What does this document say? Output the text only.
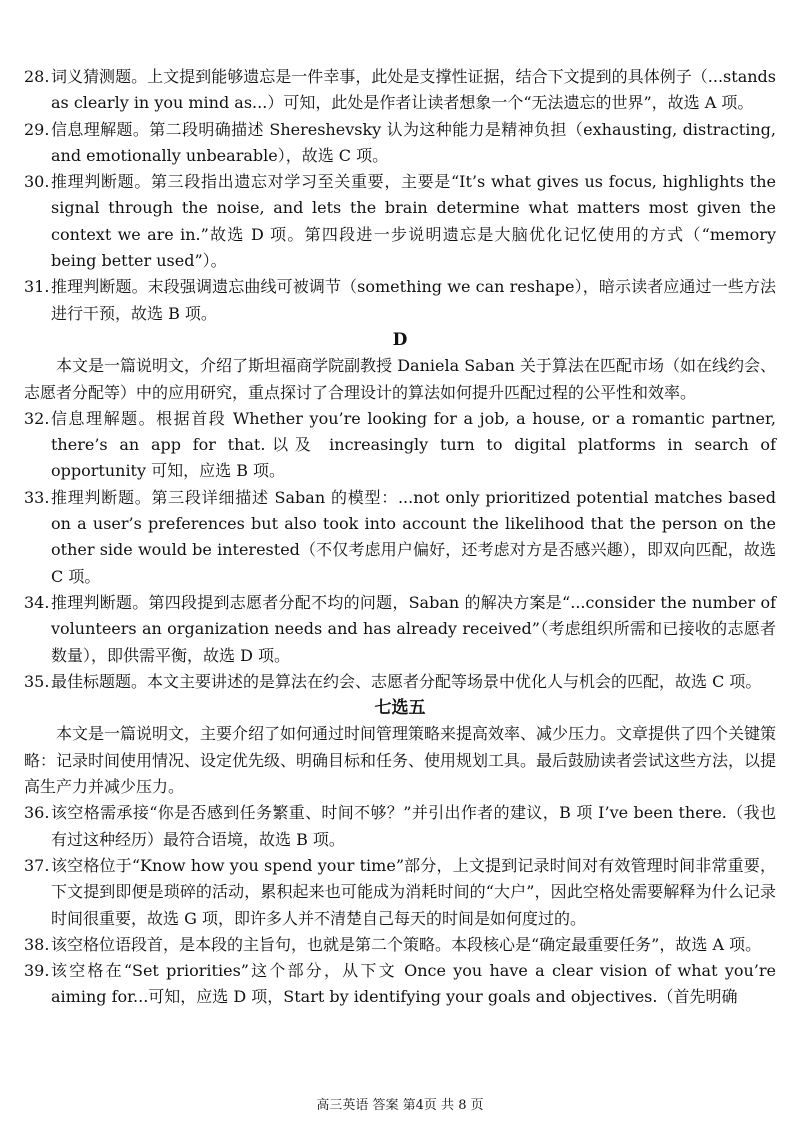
28. 词义猜测题。上文提到能够遗忘是一件幸事，此处是支撑性证据，结合下文提到的具体例子（...stands as clearly in you mind as...）可知，此处是作者让读者想象一个“无法遗忘的世界”，故选 A 项。
29. 信息理解题。第二段明确描述 Shereshevsky 认为这种能力是精神负担（exhausting, distracting, and emotionally unbearable），故选 C 项。
30. 推理判断题。第三段指出遗忘对学习至关重要，主要是“It’s what gives us focus, highlights the signal through the noise, and lets the brain determine what matters most given the context we are in.”故选 D 项。第四段进一步说明遗忘是大脑优化记忆使用的方式（“memory being better used”）。
31. 推理判断题。末段强调遗忘曲线可被调节（something we can reshape），暗示读者应通过一些方法进行干预，故选 B 项。
D
本文是一篇说明文，介绍了斯坦福商学院副教授 Daniela Saban 关于算法在匹配市场（如在线约会、志愿者分配等）中的应用研究，重点探讨了合理设计的算法如何提升匹配过程的公平性和效率。
32. 信息理解题。根据首段 Whether you’re looking for a job, a house, or a romantic partner, there’s an app for that.以及 increasingly turn to digital platforms in search of opportunity 可知，应选 B 项。
33. 推理判断题。第三段详细描述 Saban 的模型：...not only prioritized potential matches based on a user’s preferences but also took into account the likelihood that the person on the other side would be interested（不仅考虑用户偏好，还考虑对方是否感兴趣），即双向匹配，故选 C 项。
34. 推理判断题。第四段提到志愿者分配不均的问题，Saban 的解决方案是“...consider the number of volunteers an organization needs and has already received”（考虑组织所需和已接收的志愿者数量），即供需平衡，故选 D 项。
35. 最佳标题题。本文主要讲述的是算法在约会、志愿者分配等场景中优化人与机会的匹配，故选 C 项。
七选五
本文是一篇说明文，主要介绍了如何通过时间管理策略来提高效率、减少压力。文章提供了四个关键策略：记录时间使用情况、设定优先级、明确目标和任务、使用规划工具。最后鼓励读者尝试这些方法，以提高生产力并减少压力。
36. 该空格需承接“你是否感到任务繁重、时间不够？”并引出作者的建议，B 项 I’ve been there.（我也有过这种经历）最符合语境，故选 B 项。
37. 该空格位于“Know how you spend your time”部分，上文提到记录时间对有效管理时间非常重要，下文提到即便是琐碎的活动，累积起来也可能成为消耗时间的“大户”，因此空格处需要解释为什么记录时间很重要，故选 G 项，即许多人并不清楚自己每天的时间是如何度过的。
38. 该空格位语段首，是本段的主旨句，也就是第二个策略。本段核心是“确定最重要任务”，故选 A 项。
39. 该空格在“Set priorities”这个部分，从下文 Once you have a clear vision of what you’re aiming for...可知，应选 D 项，Start by identifying your goals and objectives.（首先明确
高三英语 答案 第4页 共 8 页
